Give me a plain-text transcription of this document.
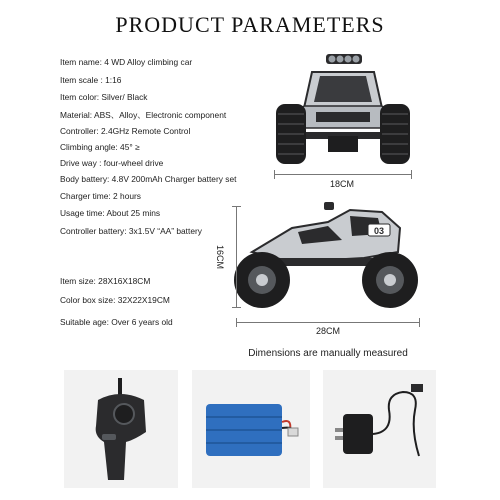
PRODUCT PARAMETERS
Item name: 4 WD Alloy climbing car
Item scale : 1:16
Item color: Silver/ Black
Material: ABS、Alloy、Electronic component
Controller: 2.4GHz Remote Control
Climbing angle: 45° ≥
Drive way : four-wheel drive
Body battery: 4.8V 200mAh Charger battery set
Charger time: 2 hours
Usage time: About 25 mins
Controller battery: 3x1.5V “AA” battery
Item size: 28X16X18CM
Color box size: 32X22X19CM
Suitable age: Over 6 years old
18CM
03
16CM
28CM
Dimensions are manually measured
